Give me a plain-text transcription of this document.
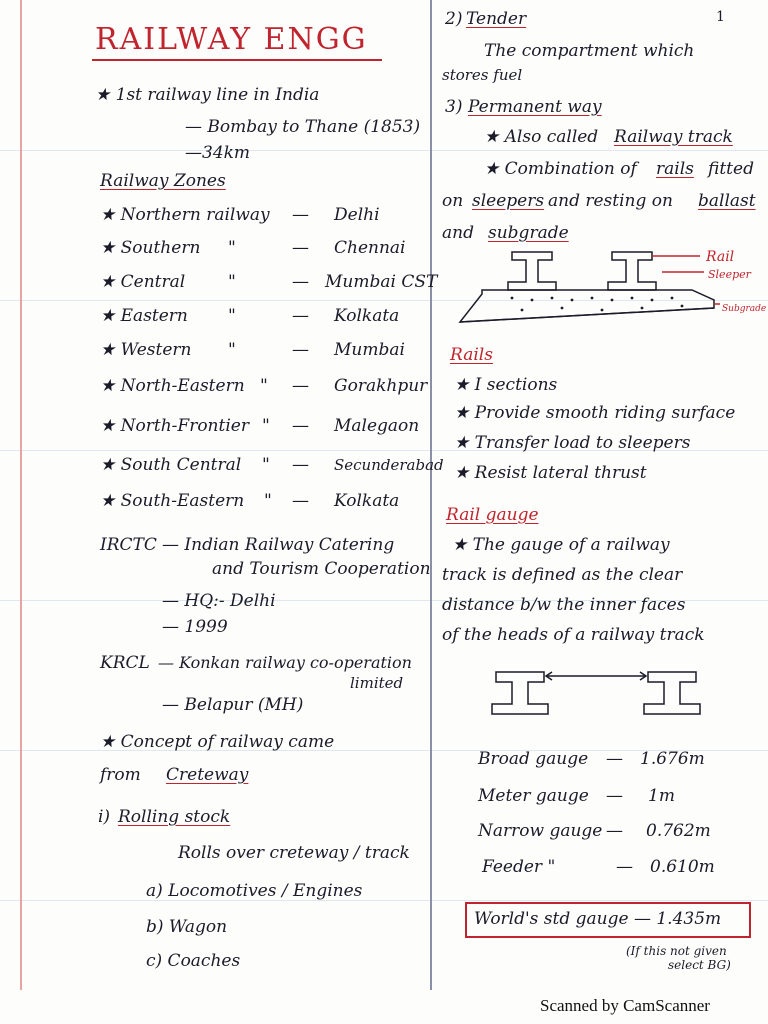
1
RAILWAY ENGG
★ 1st railway line in India
— Bombay to Thane (1853)
—34km
Railway Zones
★ Northern railway — Delhi
★ Southern "	— Chennai
★ Central	"	— Mumbai CST
★ Eastern "	— Kolkata
★ Western "	— Mumbai
★ North-Eastern " — Gorakhpur
★ North-Frontier " — Malegaon
★ South Central " — Secunderabad
★ South-Eastern " — Kolkata
IRCTC — Indian Railway Catering
and Tourism Cooperation
— HQ:- Delhi
— 1999
KRCL — Konkan railway co-operation
limited
— Belapur (MH)
★ Concept of railway came
from Creteway
i) Rolling stock
Rolls over creteway / track
a) Locomotives / Engines
b) Wagon
c) Coaches
2) Tender
The compartment which
stores fuel
3) Permanent way
★ Also called Railway track
★ Combination of rails fitted
on sleepers and resting on ballast
and subgrade
Rail
Sleeper
Subgrade
Rails
★ I sections
★ Provide smooth riding surface
★ Transfer load to sleepers
★ Resist lateral thrust
Rail gauge
★ The gauge of a railway
track is defined as the clear
distance b/w the inner faces
of the heads of a railway track
Broad gauge — 1.676m
Meter gauge — 1m
Narrow gauge — 0.762m
Feeder "	— 0.610m
World's std gauge — 1.435m
(If this not given
select BG)
Scanned by CamScanner
